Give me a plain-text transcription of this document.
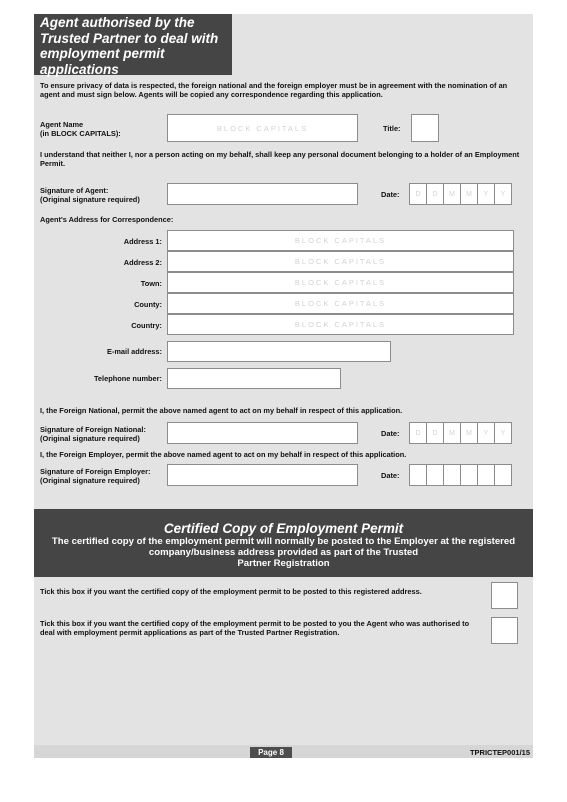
Agent authorised by the Trusted Partner to deal with employment permit applications
To ensure privacy of data is respected, the foreign national and the foreign employer must be in agreement with the nomination of an agent and must sign below. Agents will be copied any correspondence regarding this application.
Agent Name
(in BLOCK CAPITALS):
BLOCK CAPITALS	Title:
I understand that neither I, nor a person acting on my behalf, shall keep any personal document belonging to a holder of an Employment Permit.
Signature of Agent:
(Original signature required)
Date:	D	D	M	M	Y	Y
Agent's Address for Correspondence:
Address 1:	BLOCK CAPITALS
Address 2:	BLOCK CAPITALS
Town:	BLOCK CAPITALS
County:	BLOCK CAPITALS
Country:	BLOCK CAPITALS
E-mail address:
Telephone number:
I, the Foreign National, permit the above named agent to act on my behalf in respect of this application.
Signature of Foreign National:
(Original signature required)
Date:	D	D	M	M	Y	Y
I, the Foreign Employer, permit the above named agent to act on my behalf in respect of this application.
Signature of Foreign Employer:
(Original signature required)
Date:
Certified Copy of Employment Permit
The certified copy of the employment permit will normally be posted to the Employer at the registered
company/business address provided as part of the Trusted
Partner Registration
Tick this box if you want the certified copy of the employment permit to be posted to this registered address.
Tick this box if you want the certified copy of the employment permit to be posted to you the Agent who was authorised to deal with employment permit applications as part of the Trusted Partner Registration.
Page 8	TPRICTEP001/15
